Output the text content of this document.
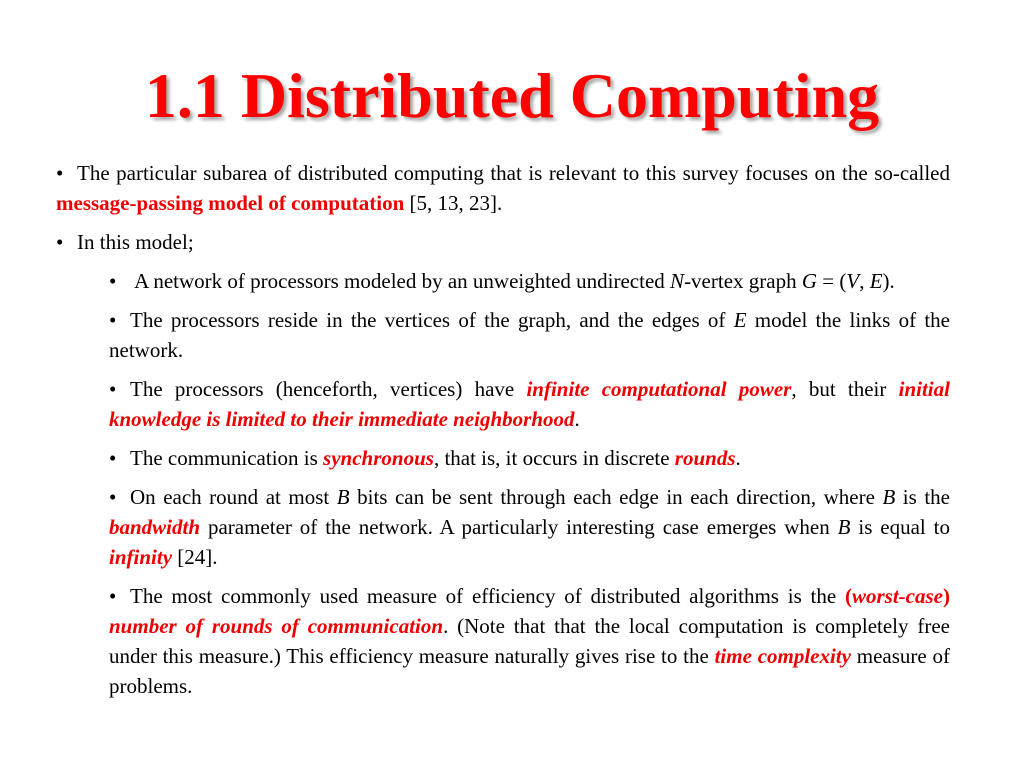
1.1 Distributed Computing

• The particular subarea of distributed computing that is relevant to this survey focuses on the so-called message-passing model of computation [5, 13, 23].

• In this model;

• A network of processors modeled by an unweighted undirected N-vertex graph G = (V, E).

• The processors reside in the vertices of the graph, and the edges of E model the links of the network.

• The processors (henceforth, vertices) have infinite computational power, but their initial knowledge is limited to their immediate neighborhood.

• The communication is synchronous, that is, it occurs in discrete rounds.

• On each round at most B bits can be sent through each edge in each direction, where B is the bandwidth parameter of the network. A particularly interesting case emerges when B is equal to infinity [24].

• The most commonly used measure of efficiency of distributed algorithms is the (worst-case) number of rounds of communication. (Note that that the local computation is completely free under this measure.) This efficiency measure naturally gives rise to the time complexity measure of problems.
